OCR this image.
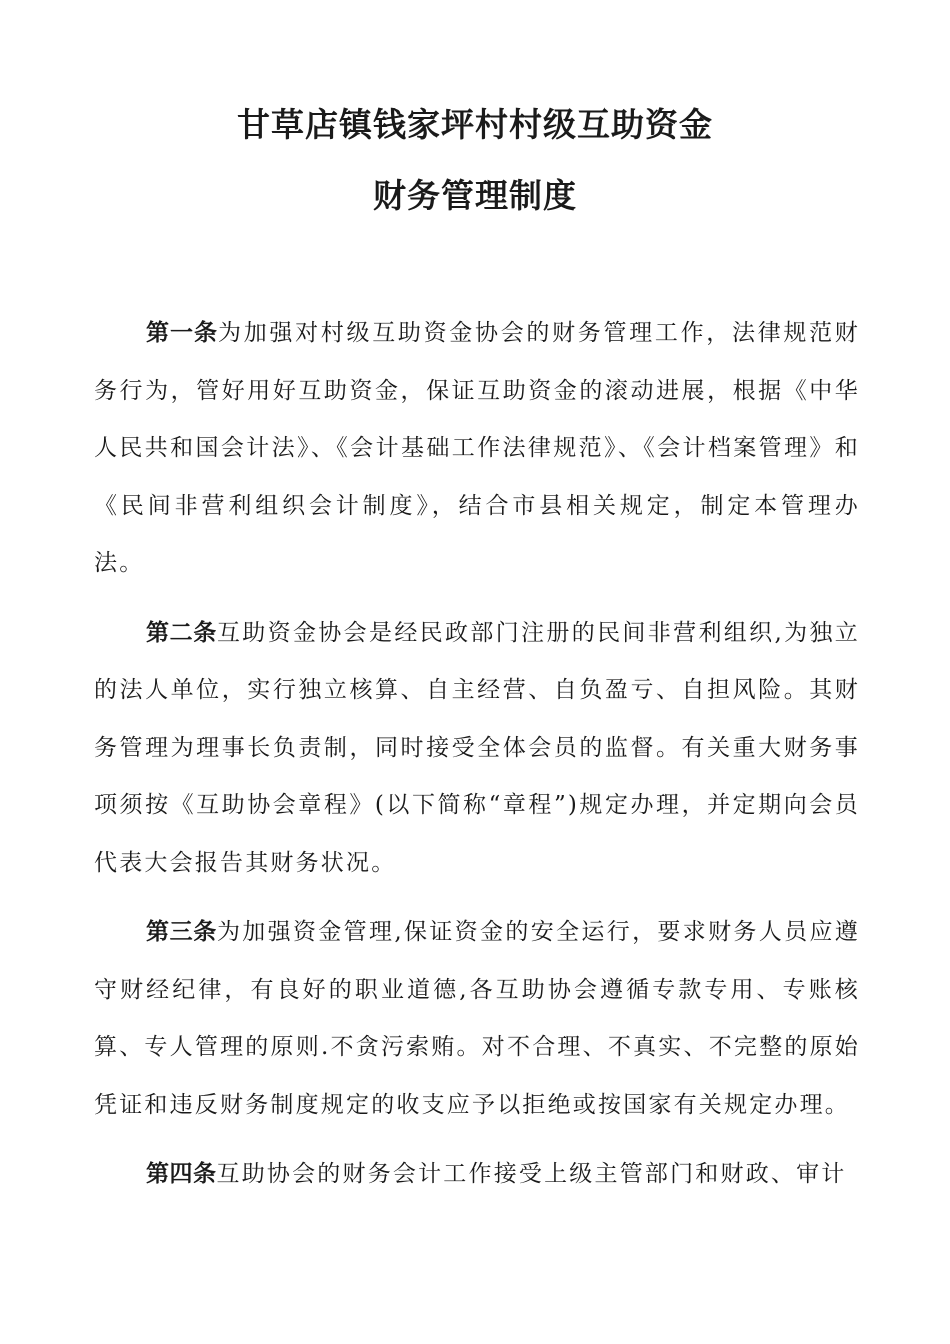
甘草店镇钱家坪村村级互助资金
财务管理制度

第一条为加强对村级互助资金协会的财务管理工作，法律规范财务行为，管好用好互助资金，保证互助资金的滚动进展，根据《中华人民共和国会计法》、《会计基础工作法律规范》、《会计档案管理》和《民间非营利组织会计制度》，结合市县相关规定，制定本管理办法。

第二条互助资金协会是经民政部门注册的民间非营利组织,为独立的法人单位，实行独立核算、自主经营、自负盈亏、自担风险。其财务管理为理事长负责制，同时接受全体会员的监督。有关重大财务事项须按《互助协会章程》(以下简称“章程”)规定办理，并定期向会员代表大会报告其财务状况。

第三条为加强资金管理,保证资金的安全运行，要求财务人员应遵守财经纪律，有良好的职业道德,各互助协会遵循专款专用、专账核算、专人管理的原则.不贪污索贿。对不合理、不真实、不完整的原始凭证和违反财务制度规定的收支应予以拒绝或按国家有关规定办理。

第四条互助协会的财务会计工作接受上级主管部门和财政、审计
